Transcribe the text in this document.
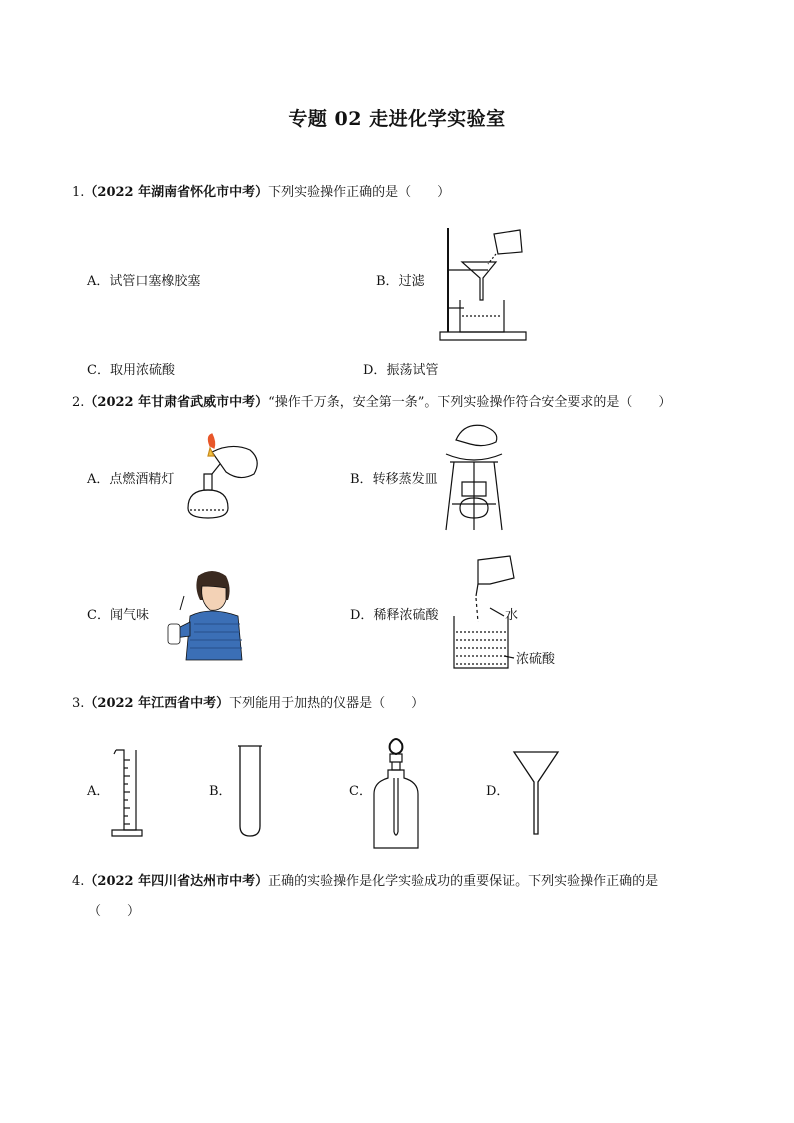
专题 02 走进化学实验室
1.（2022 年湖南省怀化市中考）下列实验操作正确的是（　　）
A．试管口塞橡胶塞	B．过滤
C．取用浓硫酸	D．振荡试管
2.（2022 年甘肃省武威市中考）“操作千万条，安全第一条”。下列实验操作符合安全要求的是（　　）
A．点燃酒精灯	B．转移蒸发皿
C．闻气味	D．稀释浓硫酸	水
浓硫酸
3.（2022 年江西省中考）下列能用于加热的仪器是（　　）
A．	B．	C．	D．
4.（2022 年四川省达州市中考）正确的实验操作是化学实验成功的重要保证。下列实验操作正确的是
（　　）
